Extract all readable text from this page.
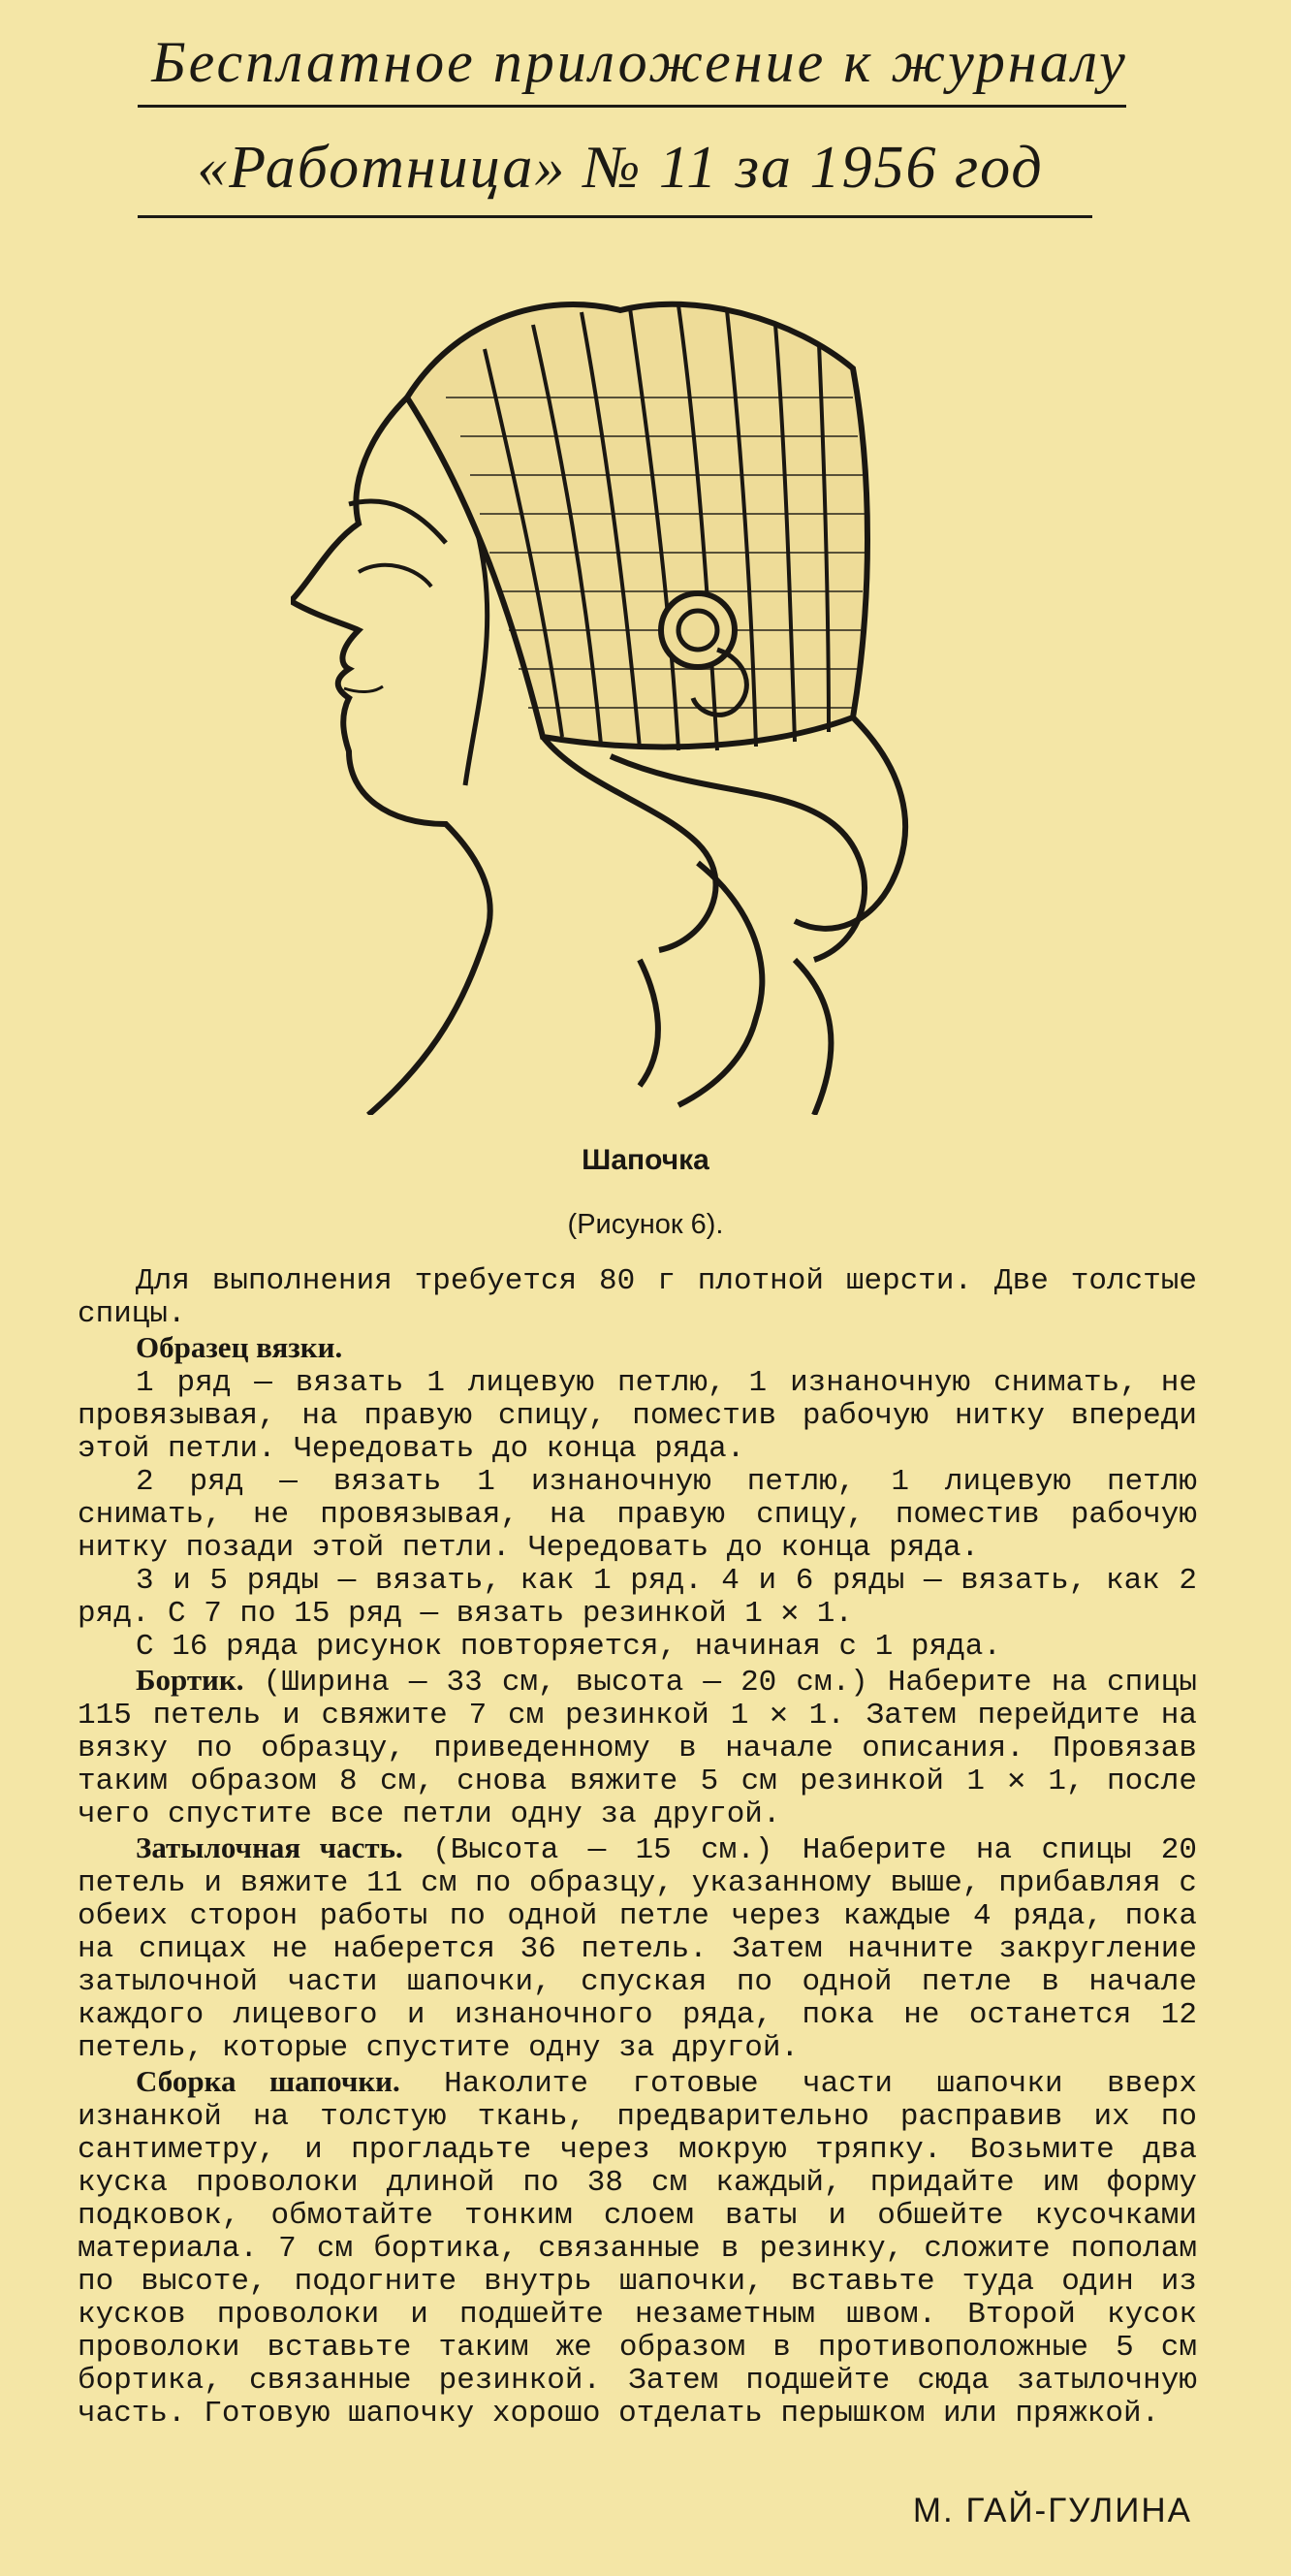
Бесплатное приложение к журналу
«Работница» № 11 за 1956 год
Шапочка
(Рисунок 6).

Для выполнения требуется 80 г плотной шерсти. Две толстые спицы.

Образец вязки.

1 ряд — вязать 1 лицевую петлю, 1 изнаночную снимать, не провязывая, на правую спицу, поместив рабочую нитку впереди этой петли. Чередовать до конца ряда.

2 ряд — вязать 1 изнаночную петлю, 1 лицевую петлю снимать, не провязывая, на правую спицу, поместив рабочую нитку позади этой петли. Чередовать до конца ряда.

3 и 5 ряды — вязать, как 1 ряд. 4 и 6 ряды — вязать, как 2 ряд. С 7 по 15 ряд — вязать резинкой 1 ✕ 1.

С 16 ряда рисунок повторяется, начиная с 1 ряда.

Бортик. (Ширина — 33 см, высота — 20 см.) Наберите на спицы 115 петель и свяжите 7 см резинкой 1 ✕ 1. Затем перейдите на вязку по образцу, приведенному в начале описания. Провязав таким образом 8 см, снова вяжите 5 см резинкой 1 ✕ 1, после чего спустите все петли одну за другой.

Затылочная часть. (Высота — 15 см.) Наберите на спицы 20 петель и вяжите 11 см по образцу, указанному выше, прибавляя с обеих сторон работы по одной петле через каждые 4 ряда, пока на спицах не наберется 36 петель. Затем начните закругление затылочной части шапочки, спуская по одной петле в начале каждого лицевого и изнаночного ряда, пока не останется 12 петель, которые спустите одну за другой.

Сборка шапочки. Наколите готовые части шапочки вверх изнанкой на толстую ткань, предварительно расправив их по сантиметру, и прогладьте через мокрую тряпку. Возьмите два куска проволоки длиной по 38 см каждый, придайте им форму подковок, обмотайте тонким слоем ваты и обшейте кусочками материала. 7 см бортика, связанные в резинку, сложите пополам по высоте, подогните внутрь шапочки, вставьте туда один из кусков проволоки и подшейте незаметным швом. Второй кусок проволоки вставьте таким же образом в противоположные 5 см бортика, связанные резинкой. Затем подшейте сюда затылочную часть. Готовую шапочку хорошо отделать перышком или пряжкой.

М. ГАЙ-ГУЛИНА
